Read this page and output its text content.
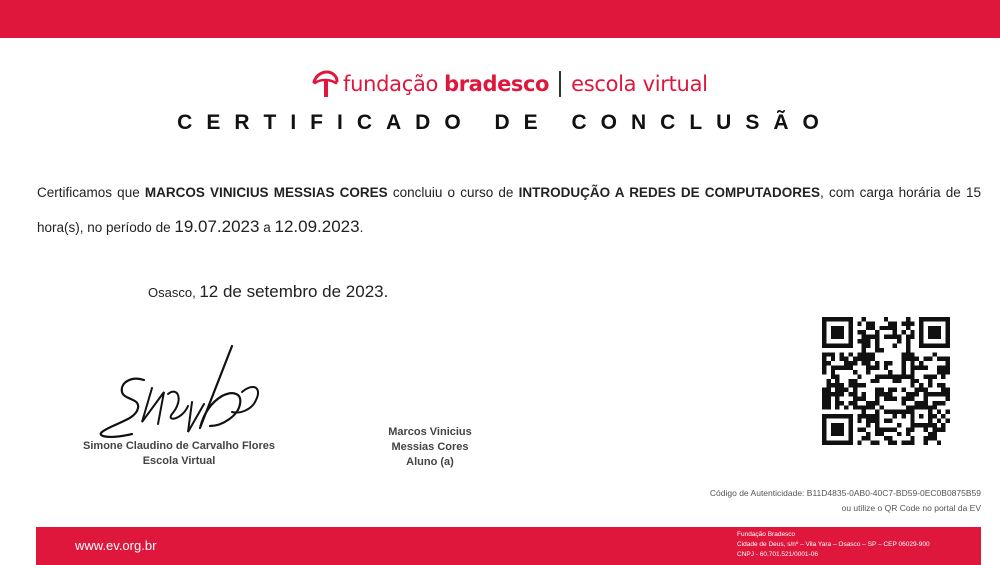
fundação bradesco escola virtual
CERTIFICADO DE CONCLUSÃO
Certificamos que MARCOS VINICIUS MESSIAS CORES concluiu o curso de INTRODUÇÃO A REDES DE COMPUTADORES, com carga horária de 15 hora(s), no período de 19.07.2023 a 12.09.2023.
Osasco, 12 de setembro de 2023.
Simone Claudino de Carvalho Flores
Escola Virtual
Marcos Vinicius
Messias Cores
Aluno (a)
Código de Autenticidade: B11D4835-0AB0-40C7-BD59-0EC0B0875B59
ou utilize o QR Code no portal da EV
www.ev.org.br
Fundação Bradesco
Cidade de Deus, s/nº – Vila Yara – Osasco – SP – CEP 06029-900
CNPJ - 60.701.521/0001-06
